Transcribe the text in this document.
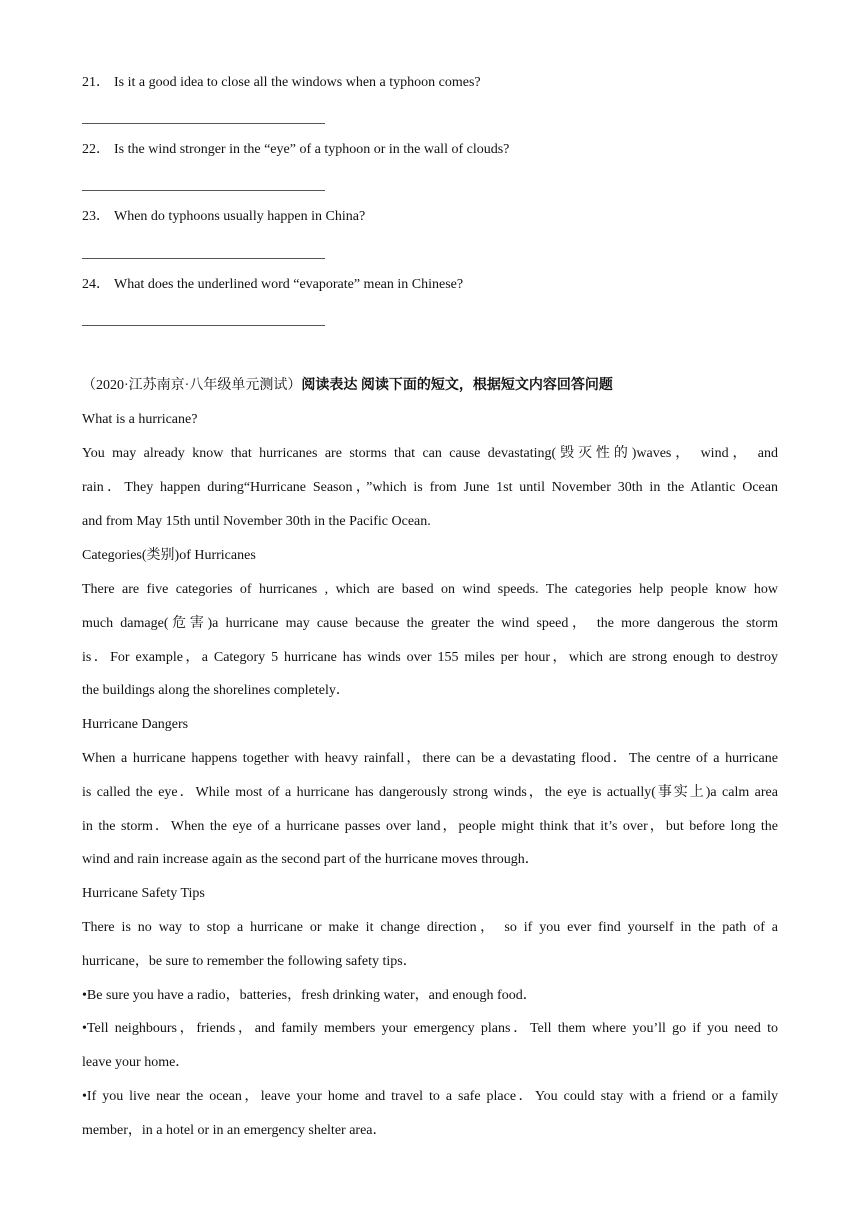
21． Is it a good idea to close all the windows when a typhoon comes?
22． Is the wind stronger in the “eye” of a typhoon or in the wall of clouds?
23． When do typhoons usually happen in China?
24． What does the underlined word “evaporate” mean in Chinese?
（2020·江苏南京·八年级单元测试）阅读表达 阅读下面的短文，根据短文内容回答问题
What is a hurricane?
You may already know that hurricanes are storms that can cause devastating(毁灭性的)waves， wind， and
rain．They happen during“Hurricane Season，”which is from June 1st until November 30th in the Atlantic Ocean
and from May 15th until November 30th in the Pacific Ocean.
Categories(类别)of Hurricanes
There are five categories of hurricanes , which are based on wind speeds. The categories help people know how
much damage(危害)a hurricane may cause because the greater the wind speed， the more dangerous the storm
is．For example，a Category 5 hurricane has winds over 155 miles per hour，which are strong enough to destroy
the buildings along the shorelines completely．
Hurricane Dangers
When a hurricane happens together with heavy rainfall，there can be a devastating flood．The centre of a hurricane
is called the eye．While most of a hurricane has dangerously strong winds，the eye is actually(事实上)a calm area
in the storm．When the eye of a hurricane passes over land，people might think that it’s over，but before long the
wind and rain increase again as the second part of the hurricane moves through．
Hurricane Safety Tips
There is no way to stop a hurricane or make it change direction， so if you ever find yourself in the path of a
hurricane，be sure to remember the following safety tips．
•Be sure you have a radio，batteries，fresh drinking water，and enough food．
•Tell neighbours，friends，and family members your emergency plans．Tell them where you’ll go if you need to
leave your home．
•If you live near the ocean，leave your home and travel to a safe place．You could stay with a friend or a family
member，in a hotel or in an emergency shelter area．
